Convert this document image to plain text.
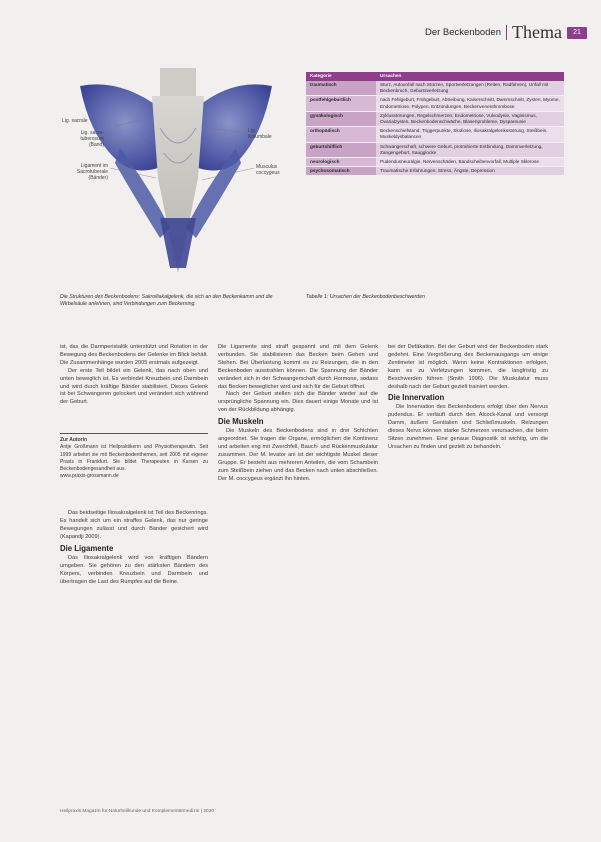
Der Beckenboden Thema	21
Lig. sacrale
Lig. sacro-
tuberosum
(Band)
Ligament im
Sacrotuberale
(Bänder)
Lig.
iliolumbale
Musculus
coccygeus
Die Strukturen des Beckenbodens: Sakroiliakalgelenk, die sich an den Beckenkamm und die Wirbelsäule anlehnen, sind Verbindungen zum Beckenring.
Kategorie	Ursachen
traumatisch	Sturz, Autounfall nach Stürzen, Sportverletzungen (Reiten, Radfahren), Unfall mit Beckenbruch, Geburtsverletzung
postfehlgeburtlich	nach Fehlgeburt, Frühgeburt, Abtreibung, Kaiserschnitt, Dammschnitt, Zysten, Myome, Endometriose, Polypen, Entzündungen, Beckenvenenthrombose
gynäkologisch	Zyklusstörungen, Regelschmerzen, Endometriose, Vulvodynie, Vaginismus, Ovarialzysten, Beckenbodenschwäche, Blasenprobleme, Dyspareunie
orthopädisch	Beckenschiefstand, Triggerpunkte, Skoliose, Iliosakralgelenksstörung, Steißbein, Muskeldysbalancen
geburtshilflich	Schwangerschaft, schwere Geburt, protrahierte Entbindung, Dammverletzung, Zangengeburt, Saugglocke
neurologisch	Pudendusneuralgie, Nervenschäden, Bandscheibenvorfall, Multiple Sklerose
psychosomatisch	Traumatische Erfahrungen, Stress, Ängste, Depression
Tabelle 1: Ursachen der Beckenbodenbeschwerden

ist, das die Darmperistaltik unterstützt und Rotation in der Bewegung des Beckenbodens der Gelenke im Blick behält. Die Zusammenhänge wurden 2005 erstmals aufgezeigt.

Der erste Teil bildet ein Gelenk, das nach oben und unten beweglich ist. Es verbindet Kreuzbein und Darmbein und wird durch kräftige Bänder stabilisiert. Dieses Gelenk ist bei Schwangeren gelockert und verändert sich während der Geburt.

Zur Autorin
Antje Großmann ist Heilpraktikerin und Physiotherapeutin. Seit 1999 arbeitet sie mit Beckenbodenthemen, seit 2005 mit eigener Praxis in Frankfurt. Sie bildet Therapeuten in Kursen zu Beckenbodengesundheit aus.
www.praxis-grossmann.de

Das beidseitige Iliosakralgelenk ist Teil des Beckenrings. Es handelt sich um ein straffes Gelenk, das nur geringe Bewegungen zulässt und durch Bänder gesichert wird (Kapandji 2009).

Die Ligamente

Das Iliosakralgelenk wird von kräftigen Bändern umgeben. Sie gehören zu den stärksten Bändern des Körpers, verbinden Kreuzbein und Darmbein und übertragen die Last des Rumpfes auf die Beine.

Die Ligamente sind straff gespannt und mit dem Gelenk verbunden. Sie stabilisieren das Becken beim Gehen und Stehen. Bei Überlastung kommt es zu Reizungen, die in den Beckenboden ausstrahlen können. Die Spannung der Bänder verändert sich in der Schwangerschaft durch Hormone, sodass das Becken beweglicher wird und sich für die Geburt öffnet.

Nach der Geburt stellen sich die Bänder wieder auf die ursprüngliche Spannung ein. Dies dauert einige Monate und ist von der Rückbildung abhängig.

Die Muskeln

Die Muskeln des Beckenbodens sind in drei Schichten angeordnet. Sie tragen die Organe, ermöglichen die Kontinenz und arbeiten eng mit Zwerchfell, Bauch- und Rückenmuskulatur zusammen. Der M. levator ani ist der wichtigste Muskel dieser Gruppe. Er besteht aus mehreren Anteilen, die vom Schambein zum Steißbein ziehen und das Becken nach unten abschließen. Der M. coccygeus ergänzt ihn hinten.

bei der Defäkation. Bei der Geburt wird der Beckenboden stark gedehnt. Eine Vergrößerung des Beckenausgangs um einige Zentimeter ist möglich. Wenn keine Kontraktionen erfolgen, kann es zu Verletzungen kommen, die langfristig zu Beschwerden führen (Smith 1996). Die Muskulatur muss deshalb nach der Geburt gezielt trainiert werden.

Die Innervation

Die Innervation des Beckenbodens erfolgt über den Nervus pudendus. Er verläuft durch den Alcock-Kanal und versorgt Damm, äußere Genitalien und Schließmuskeln. Reizungen dieses Nervs können starke Schmerzen verursachen, die beim Sitzen zunehmen. Eine genaue Diagnostik ist wichtig, um die Ursachen zu finden und gezielt zu behandeln.

Heilpraxis Magazin für Naturheilkunde und Komplementärmedizin | 2020
